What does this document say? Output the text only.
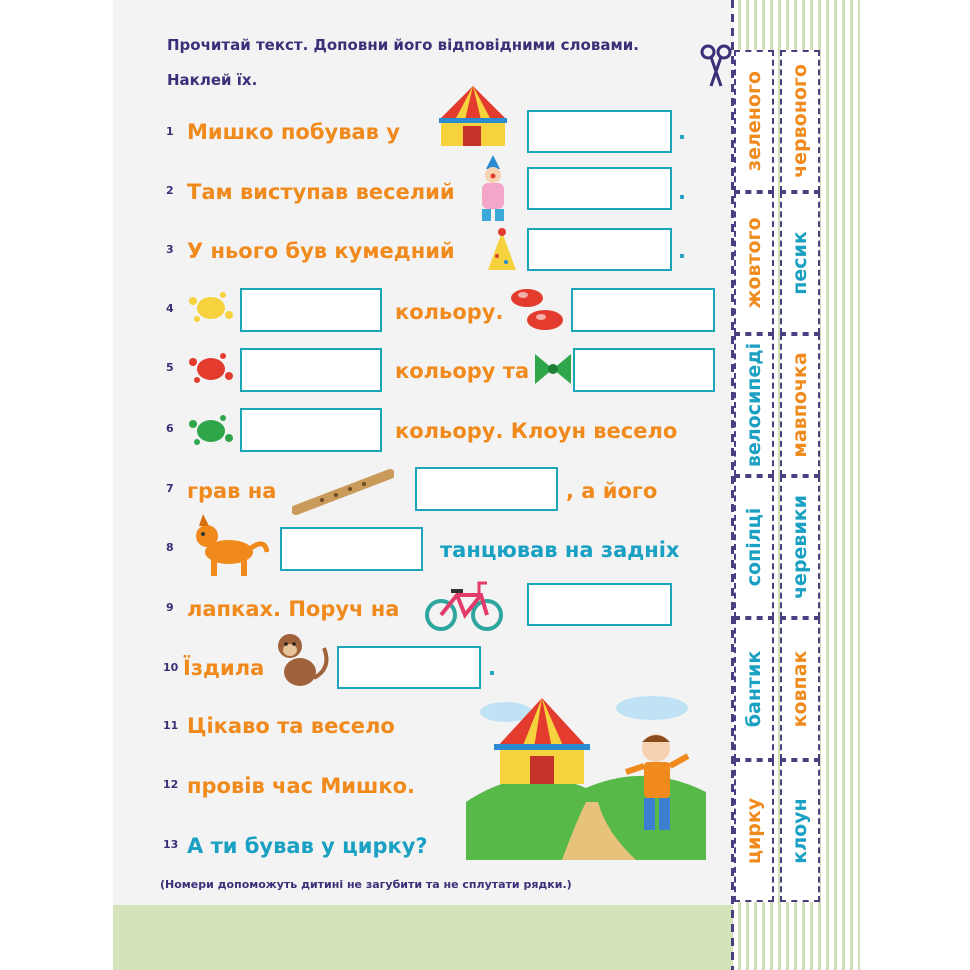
Прочитай текст. Доповни його відповідними словами.
Наклей їх.
1
2
3
4
5
6
7
8
9
10
11
12
13
Мишко побував у	.
Там виступав веселий	.
У нього був кумедний	.
кольору.
кольору та
кольору. Клоун весело
грав на	, а його
танцював на задніх
лапках. Поруч на
Їздила	.
Цікаво та весело
провів час Мишко.
А ти бував у цирку?
(Номери допоможуть дитині не загубити та не сплутати рядки.)
зеленого червоного
жовтого песик
велосипеді мавпочка
сопілці черевики
бантик ковпак
цирку клоун
